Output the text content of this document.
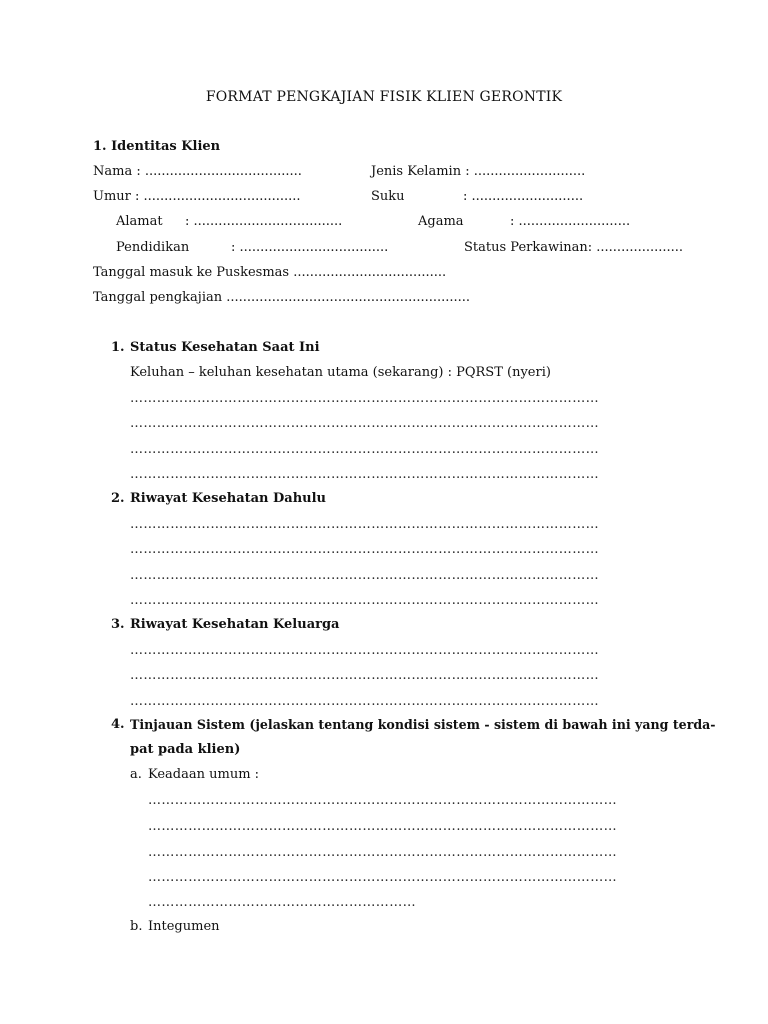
FORMAT PENGKAJIAN FISIK KLIEN GERONTIK
1. Identitas Klien
Nama : ......................................	Jenis Kelamin : ...........................
Umur : ......................................	Suku	: ...........................
Alamat : ....................................	Agama	: ...........................
Pendidikan	: ....................................	Status Perkawinan: .....................
Tanggal masuk ke Puskesmas .....................................
Tanggal pengkajian ...........................................................
1. Status Kesehatan Saat Ini
Keluhan – keluhan kesehatan utama (sekarang) : PQRST (nyeri)
……………………………………………………………………………………………
……………………………………………………………………………………………
……………………………………………………………………………………………
……………………………………………………………………………………………
2. Riwayat Kesehatan Dahulu
……………………………………………………………………………………………
……………………………………………………………………………………………
……………………………………………………………………………………………
……………………………………………………………………………………………
3. Riwayat Kesehatan Keluarga
……………………………………………………………………………………………
……………………………………………………………………………………………
……………………………………………………………………………………………
4. Tinjauan Sistem (jelaskan tentang kondisi sistem - sistem di bawah ini yang terda-
pat pada klien)
a. Keadaan umum :
……………………………………………………………………………………………
……………………………………………………………………………………………
……………………………………………………………………………………………
……………………………………………………………………………………………
……………………………………………………
b. Integumen
